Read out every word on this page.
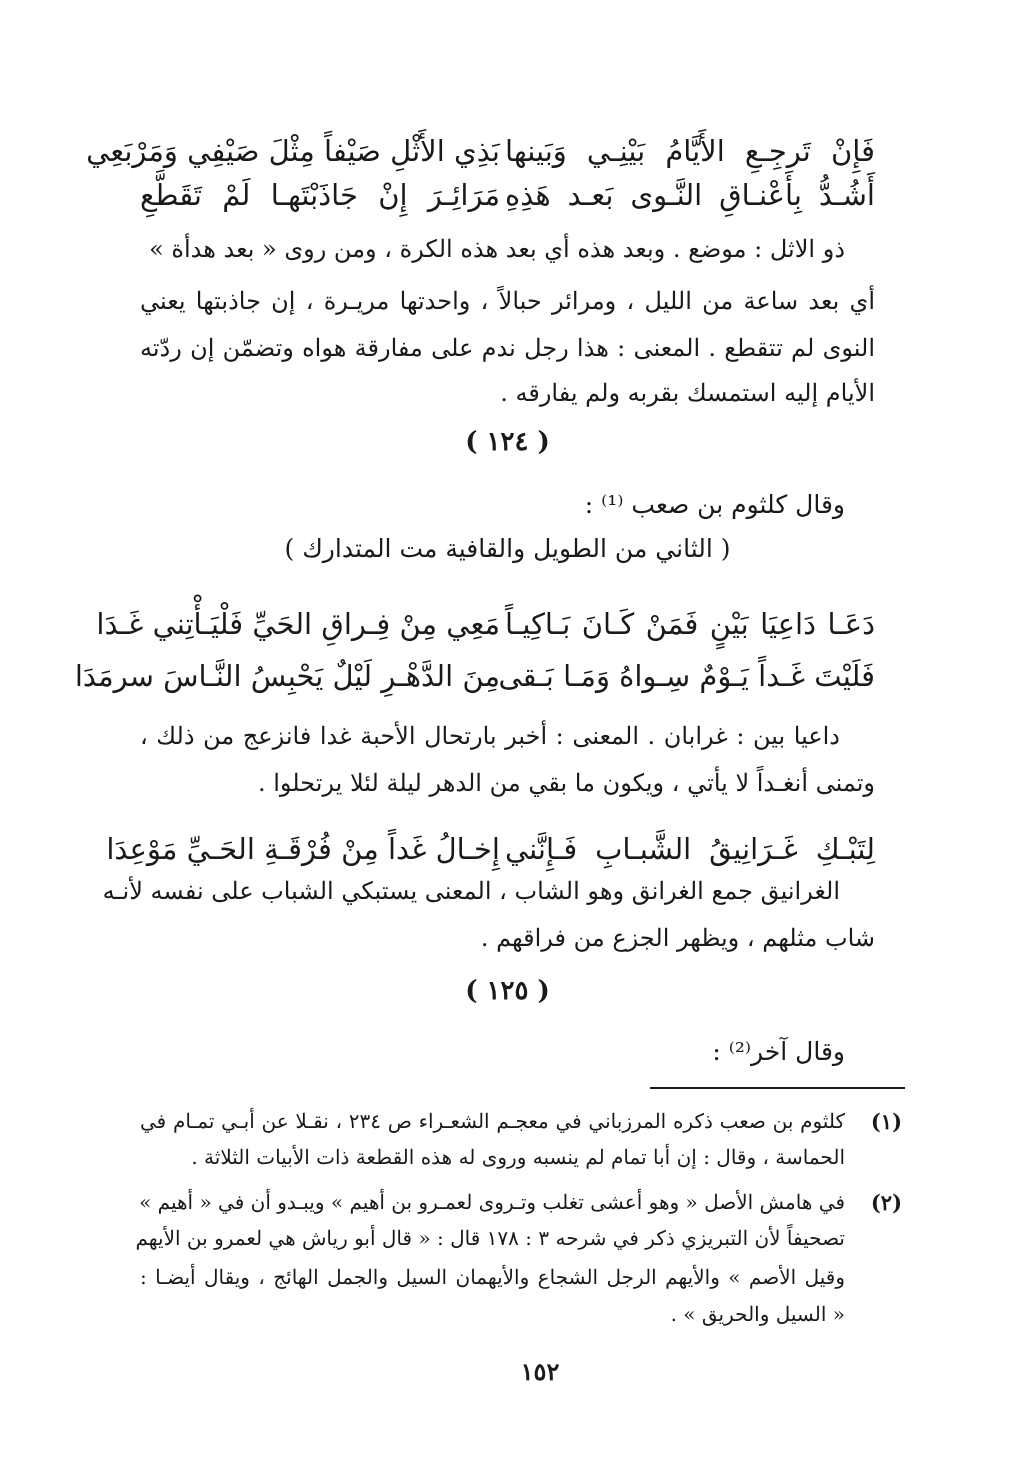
فَإِنْ تَرجِـعِ الأَيَّامُ بَيْنِـي وَبَينها
بَذِي الأَثْلِ صَيْفاً مِثْلَ صَيْفِي وَمَرْبَعِي
أَشُـدُّ بِأَعْنـاقِ النَّـوى بَعـد هَذِهِ
مَرَائِـرَ إِنْ جَاذَبْتَهـا لَمْ تَقَطَّعِ
ذو الاثل : موضع . وبعد هذه أي بعد هذه الكرة ، ومن روى « بعد هدأة »
أي بعد ساعة من الليل ، ومرائر حبالاً ، واحدتها مريـرة ، إن جاذبتها يعني
النوى لم تتقطع . المعنى : هذا رجل ندم على مفارقة هواه وتضمّن إن ردّته
الأيام إليه استمسك بقربه ولم يفارقه .
( ١٢٤ )
وقال كلثوم بن صعب ⁽¹⁾ :
( الثاني من الطويل والقافية مت المتدارك )
دَعَـا دَاعِيَا بَيْنٍ فَمَنْ كَـانَ بَـاكِيـاً
مَعِي مِنْ فِـراقِ الحَيِّ فَلْيَـأْتِني غَـدَا
فَلَيْتَ غَـداً يَـوْمٌ سِـواهُ وَمَـا بَـقى
مِنَ الدَّهْـرِ لَيْلٌ يَحْبِسُ النَّـاسَ سرمَدَا
داعيا بين : غرابان . المعنى : أخبر بارتحال الأحبة غدا فانزعج من ذلك ،
وتمنى أنغـداً لا يأتي ، ويكون ما بقي من الدهر ليلة لئلا يرتحلوا .
لِتَبْـكِ غَـرَانِيقُ الشَّبـابِ فَـإِنَّني
إِخـالُ غَداً مِنْ فُرْقَـةِ الحَـيِّ مَوْعِدَا
الغرانيق جمع الغرانق وهو الشاب ، المعنى يستبكي الشباب على نفسه لأنـه
شاب مثلهم ، ويظهر الجزع من فراقهم .
( ١٢٥ )
وقال آخر⁽²⁾ :
(١)
كلثوم بن صعب ذكره المرزباني في معجـم الشعـراء ص ٢٣٤ ، نقـلا عن أبـي تمـام في
الحماسة ، وقال : إن أبا تمام لم ينسبه وروى له هذه القطعة ذات الأبيات الثلاثة .
(٢)
في هامش الأصل « وهو أعشى تغلب وتـروى لعمـرو بن أهيم » ويبـدو أن في « أهيم »
تصحيفاً لأن التبريزي ذكر في شرحه ٣ : ١٧٨ قال : « قال أبو رياش هي لعمرو بن الأيهم
وقيل الأصم » والأيهم الرجل الشجاع والأيهمان السيل والجمل الهائج ، ويقال أيضـا :
« السيل والحريق » .
١٥٢
